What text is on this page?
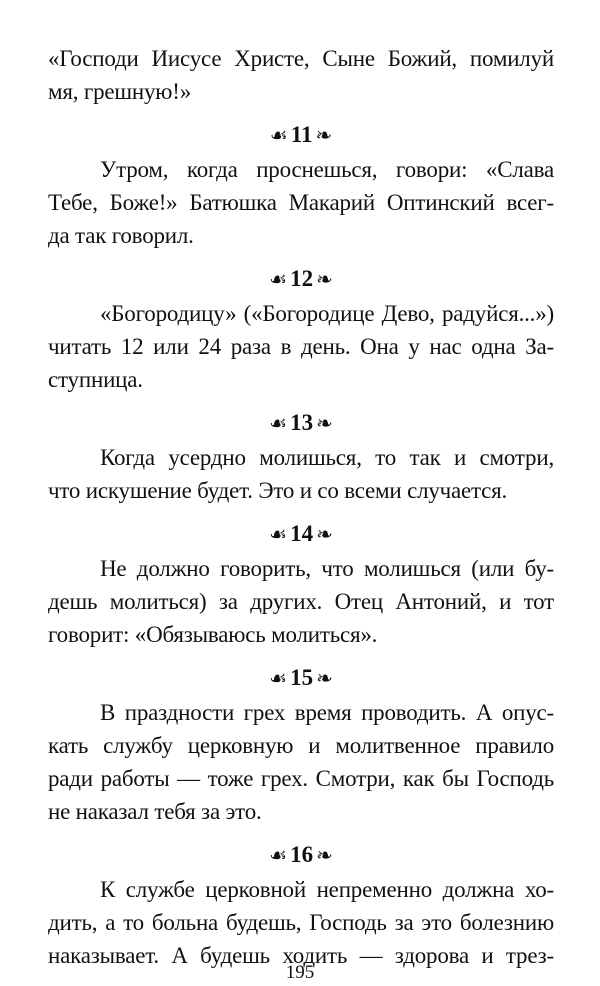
«Господи Иисусе Христе, Сыне Божий, помилуй
мя, грешную!»
☙ 11 ❧
Утром, когда проснешься, говори: «Слава
Тебе, Боже!» Батюшка Макарий Оптинский всег-
да так говорил.
☙ 12 ❧
«Богородицу» («Богородице Дево, радуйся...»)
читать 12 или 24 раза в день. Она у нас одна За-
ступница.
☙ 13 ❧
Когда усердно молишься, то так и смотри,
что искушение будет. Это и со всеми случается.
☙ 14 ❧
Не должно говорить, что молишься (или бу-
дешь молиться) за других. Отец Антоний, и тот
говорит: «Обязываюсь молиться».
☙ 15 ❧
В праздности грех время проводить. А опус-
кать службу церковную и молитвенное правило
ради работы — тоже грех. Смотри, как бы Господь
не наказал тебя за это.
☙ 16 ❧
К службе церковной непременно должна хо-
дить, а то больна будешь, Господь за это болезнию
наказывает. А будешь ходить — здорова и трез-
195
